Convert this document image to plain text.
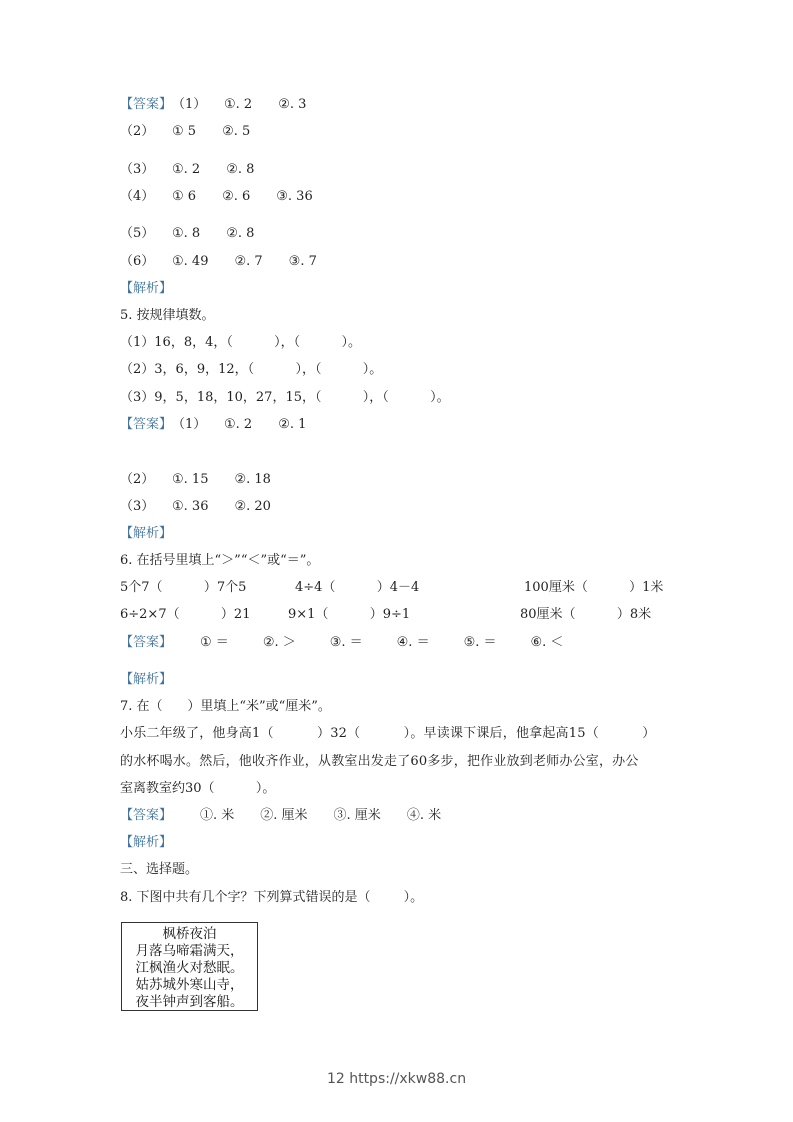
【答案】（1） ①. 2 ②. 3
（2） ① 5 ②. 5
（3） ①. 2 ②. 8
（4） ① 6 ②. 6 ③. 36
（5） ①. 8 ②. 8
（6） ①. 49 ②. 7 ③. 7
【解析】
5. 按规律填数。
（1）16，8，4，（          ），（          ）。
（2）3，6，9，12，（          ），（          ）。
（3）9，5，18，10，27，15，（          ），（          ）。
【答案】（1） ①. 2 ②. 1
（2） ①. 15 ②. 18
（3） ①. 36 ②. 20
【解析】
6. 在括号里填上“＞”“＜”或“＝”。
5个7（          ）7个5	4÷4（          ）4－4	100厘米（          ）1米
6÷2×7（          ）21	9×1（          ）9÷1	80厘米（          ）8米
【答案】 ① ＝	②. ＞	③. ＝	④. ＝	⑤. ＝	⑥. ＜
【解析】
7. 在（      ）里填上“米”或“厘米”。
小乐二年级了，他身高1（          ）32（          ）。早读课下课后，他拿起高15（          ）
的水杯喝水。然后，他收齐作业，从教室出发走了60多步，把作业放到老师办公室，办公
室离教室约30（          ）。
【答案】 ①. 米 ②. 厘米 ③. 厘米 ④. 米
【解析】
三、选择题。
8. 下图中共有几个字？下列算式错误的是（        ）。
枫桥夜泊
月落乌啼霜满天，
江枫渔火对愁眠。
姑苏城外寒山寺，
夜半钟声到客船。
12 https://xkw88.cn
